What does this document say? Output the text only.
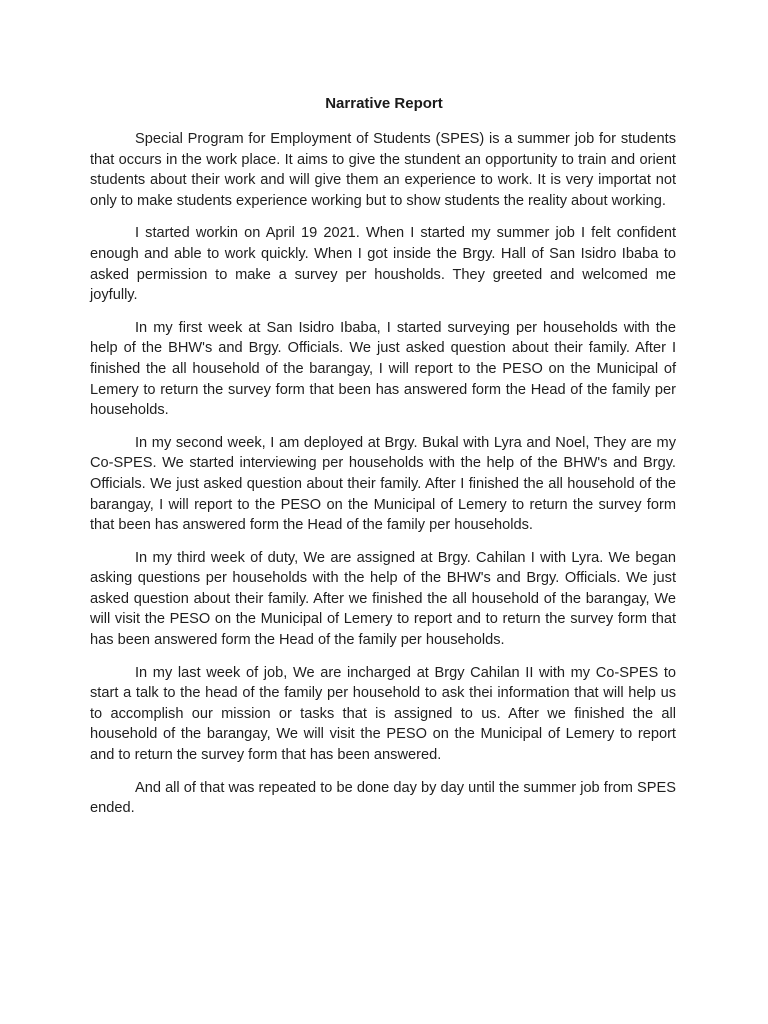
Narrative Report

Special Program for Employment of Students (SPES) is a summer job for students that occurs in the work place. It aims to give the stundent an opportunity to train and orient students about their work and will give them an experience to work. It is very importat not only to make students experience working but to show students the reality about working.

I started workin on April 19 2021. When I started my summer job I felt confident enough and able to work quickly. When I got inside the Brgy. Hall of San Isidro Ibaba to asked permission to make a survey per housholds. They greeted and welcomed me joyfully.

In my first week at San Isidro Ibaba, I started surveying per households with the help of the BHW's and Brgy. Officials. We just asked question about their family. After I finished the all household of the barangay, I will report to the PESO on the Municipal of Lemery to return the survey form that been has answered form the Head of the family per households.

In my second week, I am deployed at Brgy. Bukal with Lyra and Noel, They are my Co-SPES. We started interviewing per households with the help of the BHW's and Brgy. Officials. We just asked question about their family. After I finished the all household of the barangay, I will report to the PESO on the Municipal of Lemery to return the survey form that been has answered form the Head of the family per households.

In my third week of duty, We are assigned at Brgy. Cahilan I with Lyra. We began asking questions per households with the help of the BHW's and Brgy. Officials. We just asked question about their family. After we finished the all household of the barangay, We will visit the PESO on the Municipal of Lemery to report and to return the survey form that has been answered form the Head of the family per households.

In my last week of job, We are incharged at Brgy Cahilan II with my Co-SPES to start a talk to the head of the family per household to ask thei information that will help us to accomplish our mission or tasks that is assigned to us. After we finished the all household of the barangay, We will visit the PESO on the Municipal of Lemery to report and to return the survey form that has been answered.

And all of that was repeated to be done day by day until the summer job from SPES ended.
